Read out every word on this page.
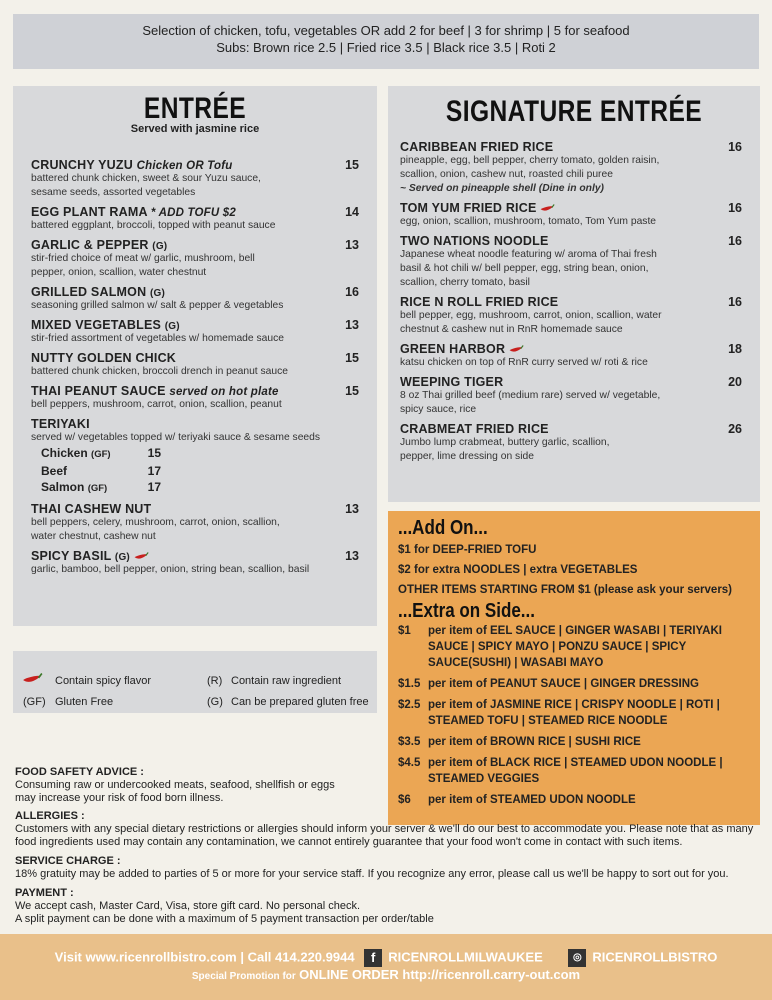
Selection of chicken, tofu, vegetables OR add 2 for beef | 3 for shrimp | 5 for seafood
Subs: Brown rice 2.5 | Fried rice 3.5 | Black rice 3.5 | Roti 2
ENTRÉE
Served with jasmine rice
CRUNCHY YUZU Chicken OR Tofu	15
battered chunk chicken, sweet & sour Yuzu sauce, sesame seeds, assorted vegetables
EGG PLANT RAMA * ADD TOFU $2	14
battered eggplant, broccoli, topped with peanut sauce
GARLIC & PEPPER (G)	13
stir-fried choice of meat w/ garlic, mushroom, bell pepper, onion, scallion, water chestnut
GRILLED SALMON (G)	16
seasoning grilled salmon w/ salt & pepper & vegetables
MIXED VEGETABLES (G)	13
stir-fried assortment of vegetables w/ homemade sauce
NUTTY GOLDEN CHICK	15
battered chunk chicken, broccoli drench in peanut sauce
THAI PEANUT SAUCE served on hot plate	15
bell peppers, mushroom, carrot, onion, scallion, peanut
TERIYAKI
served w/ vegetables topped w/ teriyaki sauce & sesame seeds
Chicken (GF)	15
Beef	17
Salmon (GF)	17
THAI CASHEW NUT	13
bell peppers, celery, mushroom, carrot, onion, scallion, water chestnut, cashew nut
SPICY BASIL (G)	13
garlic, bamboo, bell pepper, onion, string bean, scallion, basil
SIGNATURE ENTRÉE
CARIBBEAN FRIED RICE	16
pineapple, egg, bell pepper, cherry tomato, golden raisin, scallion, onion, cashew nut, roasted chili puree
~ Served on pineapple shell (Dine in only)
TOM YUM FRIED RICE	16
egg, onion, scallion, mushroom, tomato, Tom Yum paste
TWO NATIONS NOODLE	16
Japanese wheat noodle featuring w/ aroma of Thai fresh basil & hot chili w/ bell pepper, egg, string bean, onion, scallion, cherry tomato, basil
RICE N ROLL FRIED RICE	16
bell pepper, egg, mushroom, carrot, onion, scallion, water chestnut & cashew nut in RnR homemade sauce
GREEN HARBOR	18
katsu chicken on top of RnR curry served w/ roti & rice
WEEPING TIGER	20
8 oz Thai grilled beef (medium rare) served w/ vegetable, spicy sauce, rice
CRABMEAT FRIED RICE	26
Jumbo lump crabmeat, buttery garlic, scallion, pepper, lime dressing on side
...Add On...
$1 for DEEP-FRIED TOFU
$2 for extra NOODLES | extra VEGETABLES
OTHER ITEMS STARTING FROM $1 (please ask your servers)
...Extra on Side...
$1	per item of EEL SAUCE | GINGER WASABI | TERIYAKI SAUCE | SPICY MAYO | PONZU SAUCE | SPICY SAUCE(SUSHI) | WASABI MAYO
$1.5 per item of PEANUT SAUCE | GINGER DRESSING
$2.5 per item of JASMINE RICE | CRISPY NOODLE | ROTI | STEAMED TOFU | STEAMED RICE NOODLE
$3.5 per item of BROWN RICE | SUSHI RICE
$4.5 per item of BLACK RICE | STEAMED UDON NOODLE | STEAMED VEGGIES
$6	per item of STEAMED UDON NOODLE
Contain spicy flavor	(R) Contain raw ingredient
(GF) Gluten Free	(G) Can be prepared gluten free
FOOD SAFETY ADVICE :
Consuming raw or undercooked meats, seafood, shellfish or eggs may increase your risk of food born illness.
ALLERGIES :
Customers with any special dietary restrictions or allergies should inform your server & we'll do our best to accommodate you. Please note that as many food ingredients used may contain any contamination, we cannot entirely guarantee that your food won't come in contact with such items.
SERVICE CHARGE :
18% gratuity may be added to parties of 5 or more for your service staff. If you recognize any error, please call us we'll be happy to sort out for you.
PAYMENT :
We accept cash, Master Card, Visa, store gift card. No personal check.
A split payment can be done with a maximum of 5 payment transaction per order/table
Visit www.ricenrollbistro.com | Call 414.220.9944 f RICENROLLMILWAUKEE	◎ RICENROLLBISTRO
Special Promotion for ONLINE ORDER http://ricenroll.carry-out.com
